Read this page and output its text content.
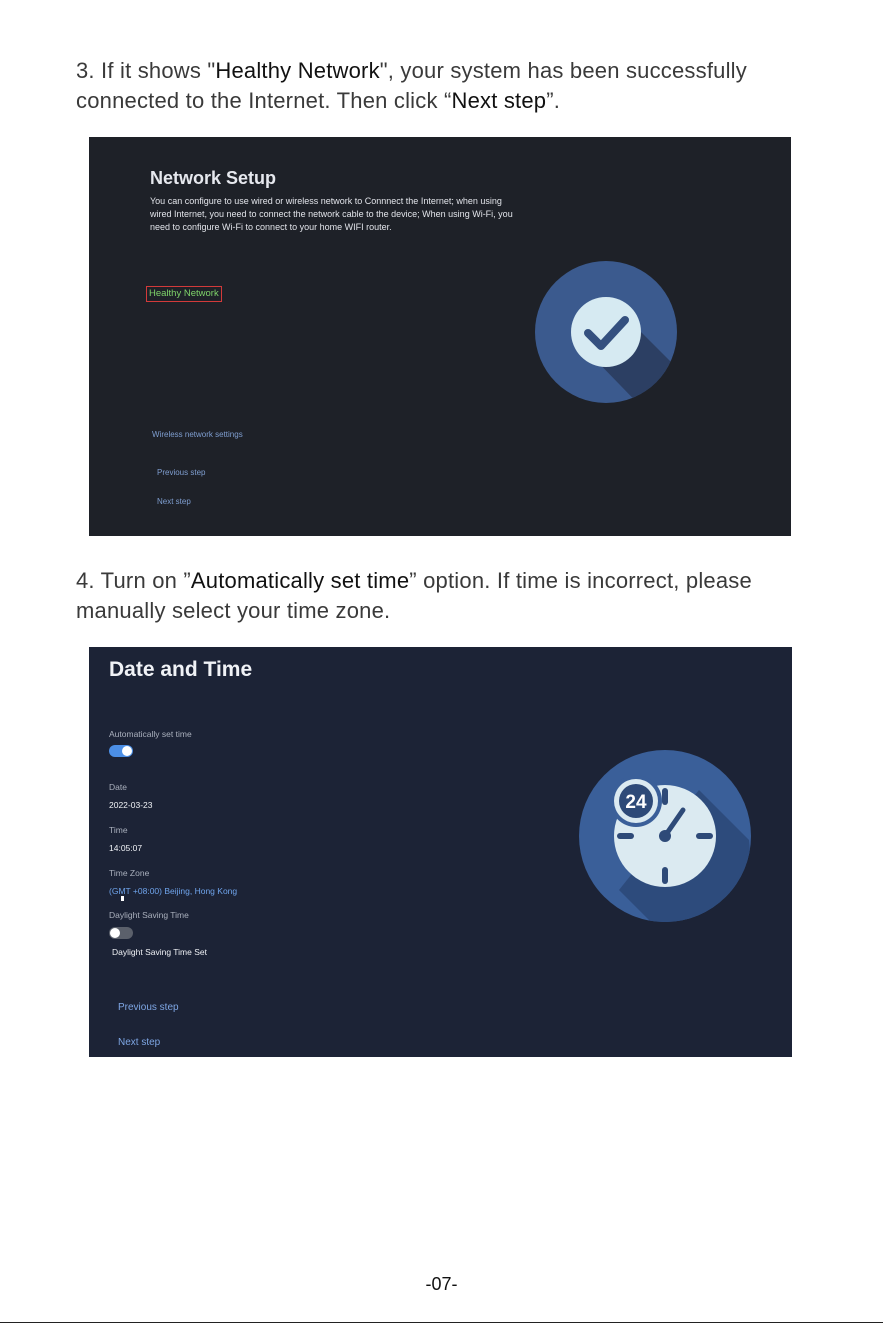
3. If it shows "Healthy Network", your system has been successfully connected to the Internet. Then click “Next step”.

Network Setup

You can configure to use wired or wireless network to Connnect the Internet; when using wired Internet, you need to connect the network cable to the device; When using Wi-Fi, you need to configure Wi-Fi to connect to your home WIFI router.

Healthy Network
Wireless network settings
Previous step
Next step

4. Turn on ”Automatically set time” option. If time is incorrect, please manually select your time zone.

Date and Time
Automatically set time
Date
2022-03-23
Time
14:05:07
Time Zone
(GMT +08:00) Beijing, Hong Kong
Daylight Saving Time
Daylight Saving Time Set
Previous step
Next step
24
-07-
